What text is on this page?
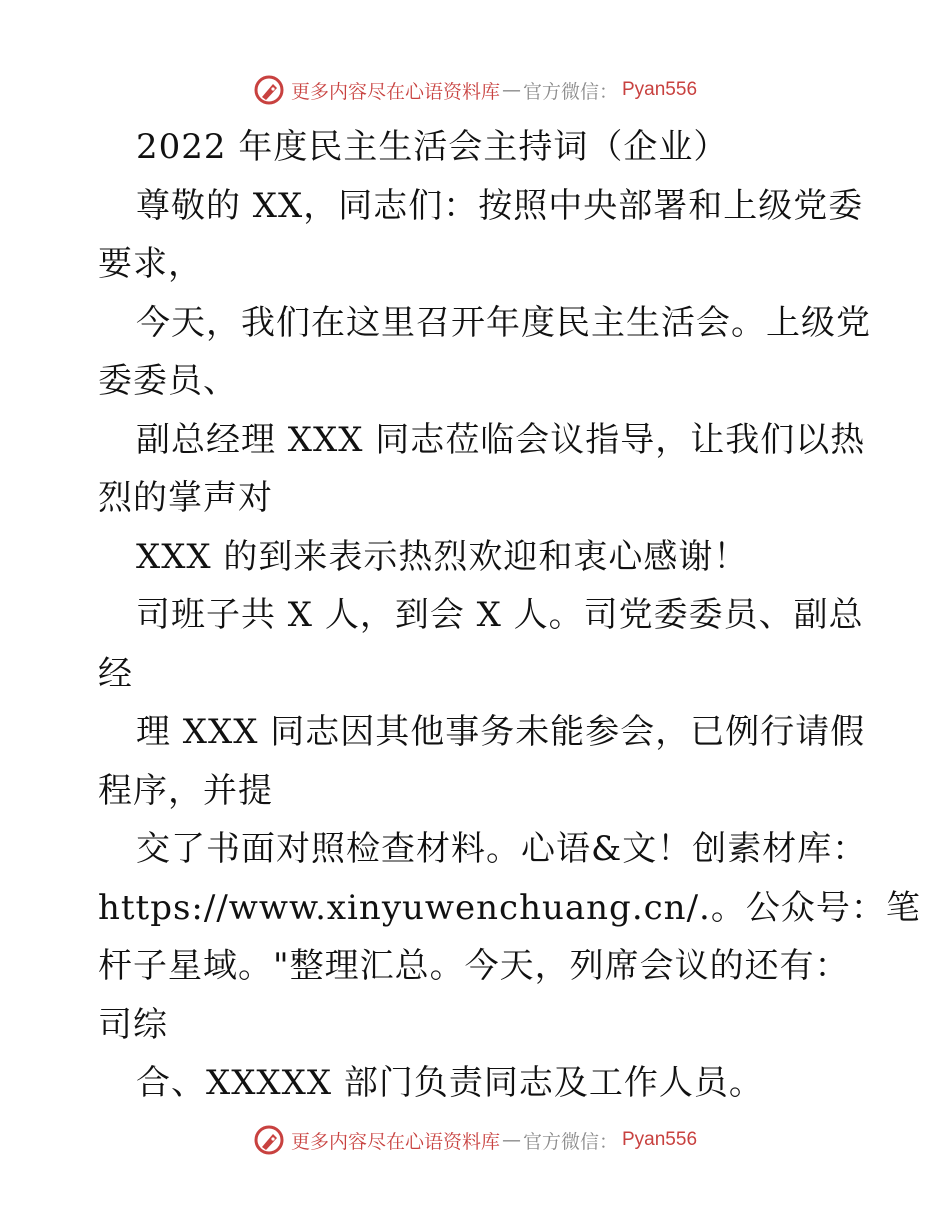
更多内容尽在心语资料库 — 官方微信： Pyan556
2022 年度民主生活会主持词（企业）
尊敬的 XX，同志们：按照中央部署和上级党委
要求，
今天，我们在这里召开年度民主生活会。上级党
委委员、
副总经理 XXX 同志莅临会议指导，让我们以热
烈的掌声对
XXX 的到来表示热烈欢迎和衷心感谢！
司班子共 X 人，到会 X 人。司党委委员、副总
经
理 XXX 同志因其他事务未能参会，已例行请假
程序，并提
交了书面对照检查材料。心语&文！创素材库：
https://www.xinyuwenchuang.cn/.。公众号：笔
杆子星域。"整理汇总。今天，列席会议的还有：
司综
合、XXXXX 部门负责同志及工作人员。
更多内容尽在心语资料库 — 官方微信： Pyan556
